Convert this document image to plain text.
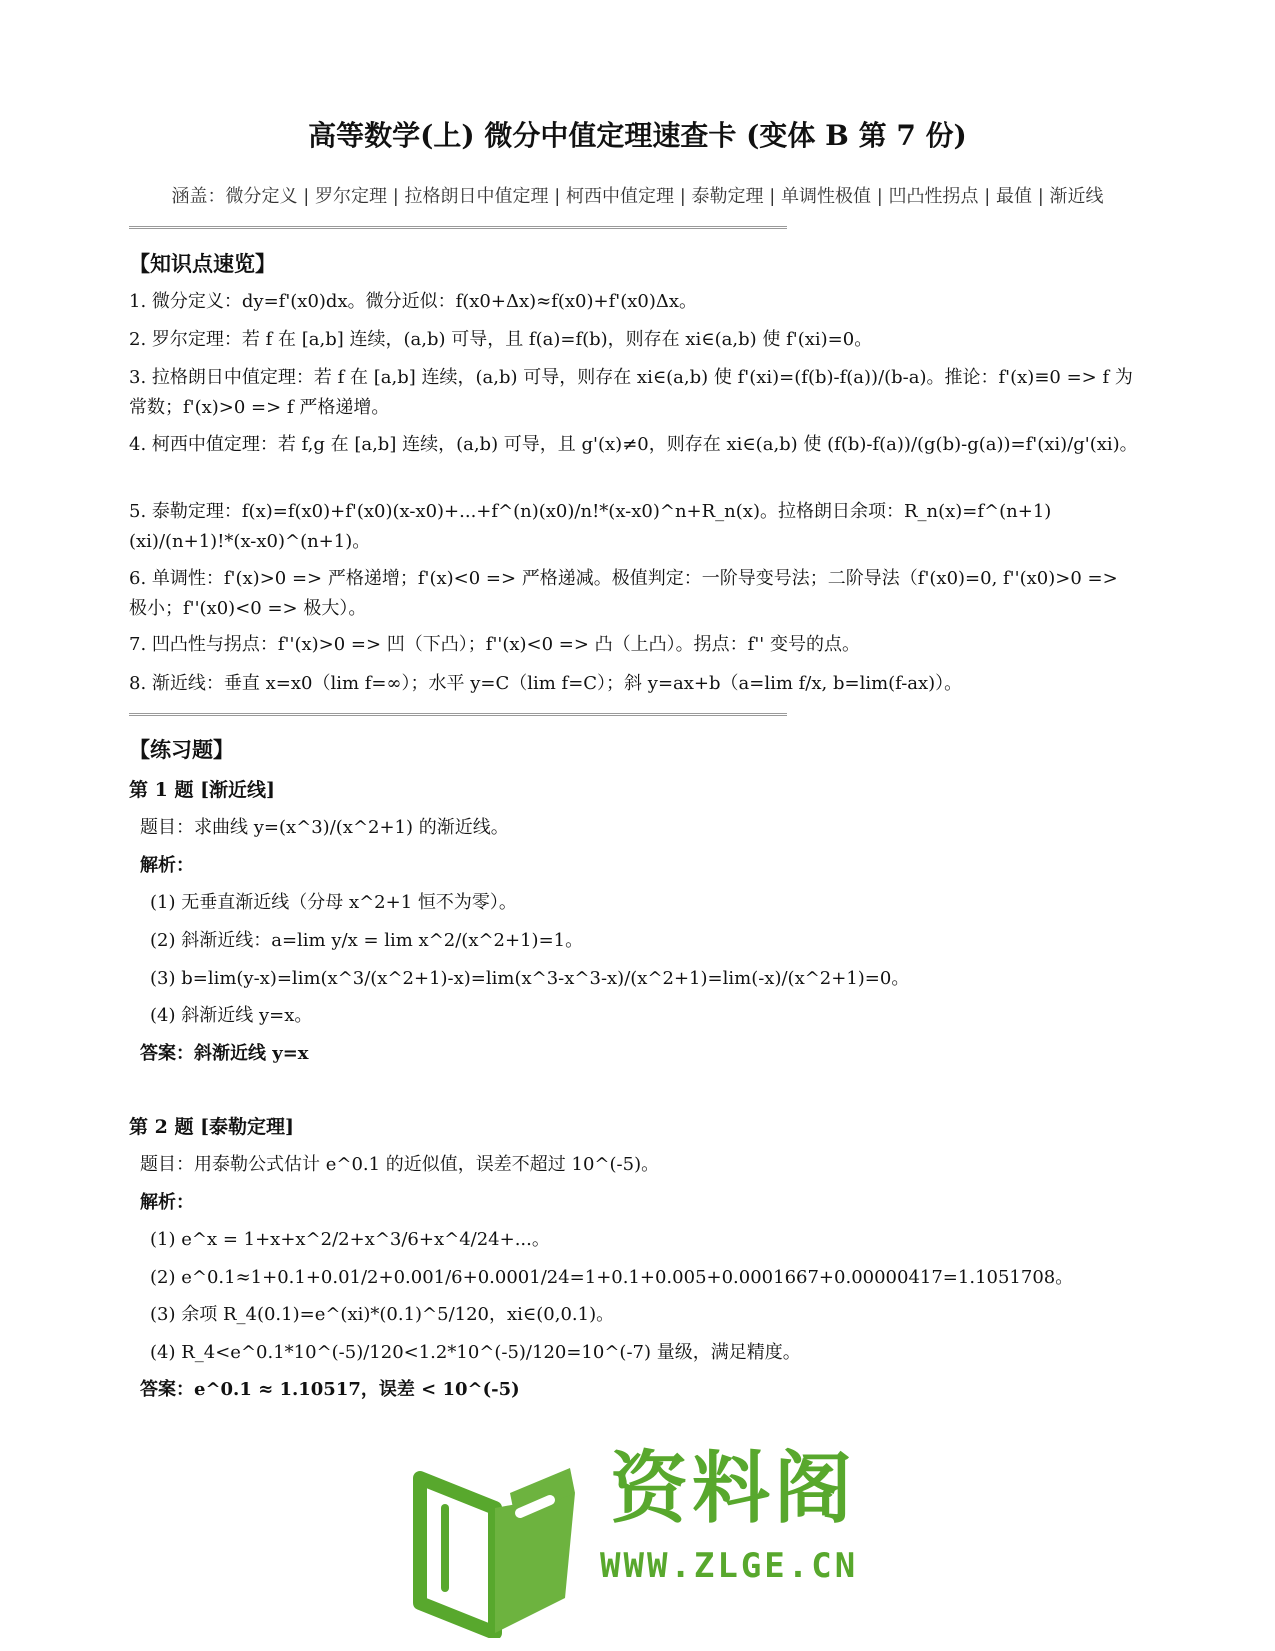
高等数学(上) 微分中值定理速查卡 (变体 B 第 7 份)
涵盖：微分定义 | 罗尔定理 | 拉格朗日中值定理 | 柯西中值定理 | 泰勒定理 | 单调性极值 | 凹凸性拐点 | 最值 | 渐近线
【知识点速览】
1. 微分定义：dy=f'(x0)dx。微分近似：f(x0+Δx)≈f(x0)+f'(x0)Δx。
2. 罗尔定理：若 f 在 [a,b] 连续，(a,b) 可导，且 f(a)=f(b)，则存在 xi∈(a,b) 使 f'(xi)=0。
3. 拉格朗日中值定理：若 f 在 [a,b] 连续，(a,b) 可导，则存在 xi∈(a,b) 使 f'(xi)=(f(b)-f(a))/(b-a)。推论：f'(x)≡0 => f 为常数；f'(x)>0 => f 严格递增。
4. 柯西中值定理：若 f,g 在 [a,b] 连续，(a,b) 可导，且 g'(x)≠0，则存在 xi∈(a,b) 使 (f(b)-f(a))/(g(b)-g(a))=f'(xi)/g'(xi)。
5. 泰勒定理：f(x)=f(x0)+f'(x0)(x-x0)+...+f^(n)(x0)/n!*(x-x0)^n+R_n(x)。拉格朗日余项：R_n(x)=f^(n+1)(xi)/(n+1)!*(x-x0)^(n+1)。
6. 单调性：f'(x)>0 => 严格递增；f'(x)<0 => 严格递减。极值判定：一阶导变号法；二阶导法（f'(x0)=0, f''(x0)>0 => 极小；f''(x0)<0 => 极大）。
7. 凹凸性与拐点：f''(x)>0 => 凹（下凸）；f''(x)<0 => 凸（上凸）。拐点：f'' 变号的点。
8. 渐近线：垂直 x=x0（lim f=∞）；水平 y=C（lim f=C）；斜 y=ax+b（a=lim f/x, b=lim(f-ax)）。
【练习题】
第 1 题 [渐近线]
题目：求曲线 y=(x^3)/(x^2+1) 的渐近线。
解析：
(1) 无垂直渐近线（分母 x^2+1 恒不为零）。
(2) 斜渐近线：a=lim y/x = lim x^2/(x^2+1)=1。
(3) b=lim(y-x)=lim(x^3/(x^2+1)-x)=lim(x^3-x^3-x)/(x^2+1)=lim(-x)/(x^2+1)=0。
(4) 斜渐近线 y=x。
答案：斜渐近线 y=x
第 2 题 [泰勒定理]
题目：用泰勒公式估计 e^0.1 的近似值，误差不超过 10^(-5)。
解析：
(1) e^x = 1+x+x^2/2+x^3/6+x^4/24+...。
(2) e^0.1≈1+0.1+0.01/2+0.001/6+0.0001/24=1+0.1+0.005+0.0001667+0.00000417=1.1051708。
(3) 余项 R_4(0.1)=e^(xi)*(0.1)^5/120，xi∈(0,0.1)。
(4) R_4<e^0.1*10^(-5)/120<1.2*10^(-5)/120=10^(-7) 量级，满足精度。
答案：e^0.1 ≈ 1.10517，误差 < 10^(-5)
资料阁
WWW.ZLGE.CN
